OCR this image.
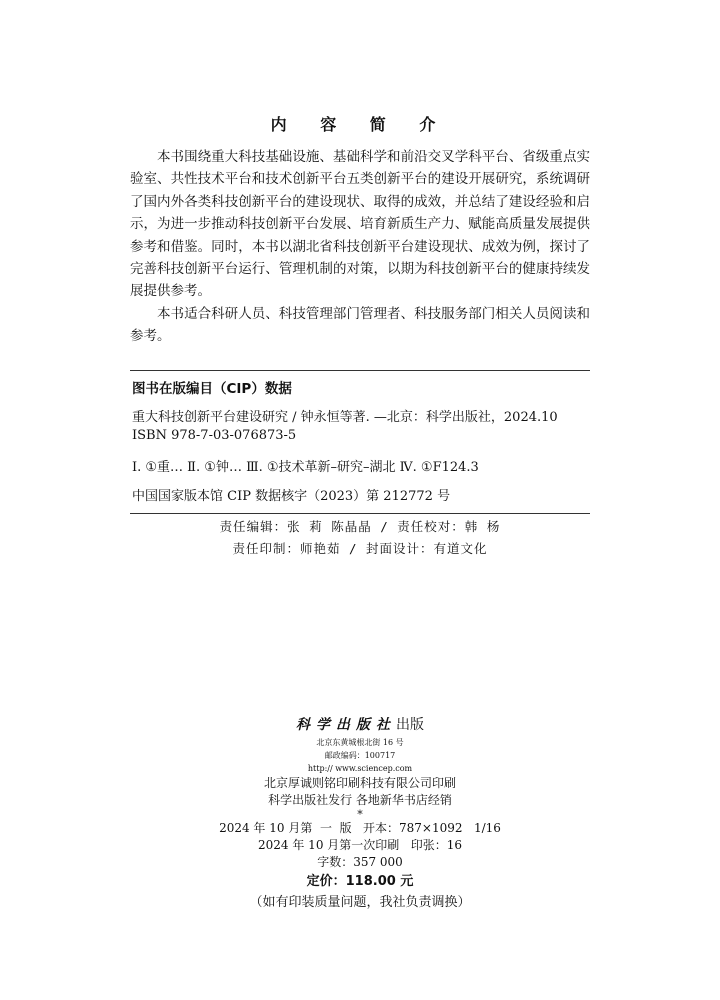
内 容 简 介

本书围绕重大科技基础设施、基础科学和前沿交叉学科平台、省级重点实验室、共性技术平台和技术创新平台五类创新平台的建设开展研究，系统调研了国内外各类科技创新平台的建设现状、取得的成效，并总结了建设经验和启示，为进一步推动科技创新平台发展、培育新质生产力、赋能高质量发展提供参考和借鉴。同时，本书以湖北省科技创新平台建设现状、成效为例，探讨了完善科技创新平台运行、管理机制的对策，以期为科技创新平台的健康持续发展提供参考。

本书适合科研人员、科技管理部门管理者、科技服务部门相关人员阅读和参考。

图书在版编目（CIP）数据
重大科技创新平台建设研究 / 钟永恒等著. —北京：科学出版社，2024.10
ISBN 978-7-03-076873-5
Ⅰ. ①重… Ⅱ. ①钟… Ⅲ. ①技术革新–研究–湖北 Ⅳ. ①F124.3
中国国家版本馆 CIP 数据核字（2023）第 212772 号
责任编辑：张 莉 陈晶晶 / 责任校对：韩 杨
责任印制：师艳茹 / 封面设计：有道文化
科学出版社出版
北京东黄城根北街 16 号
邮政编码：100717
http:// www.sciencep.com
北京厚诚则铭印刷科技有限公司印刷
科学出版社发行 各地新华书店经销
*
2024 年 10 月第  一  版   开本：787×1092   1/16
2024 年 10 月第一次印刷   印张：16
字数：357 000
定价：118.00 元
（如有印装质量问题，我社负责调换）
